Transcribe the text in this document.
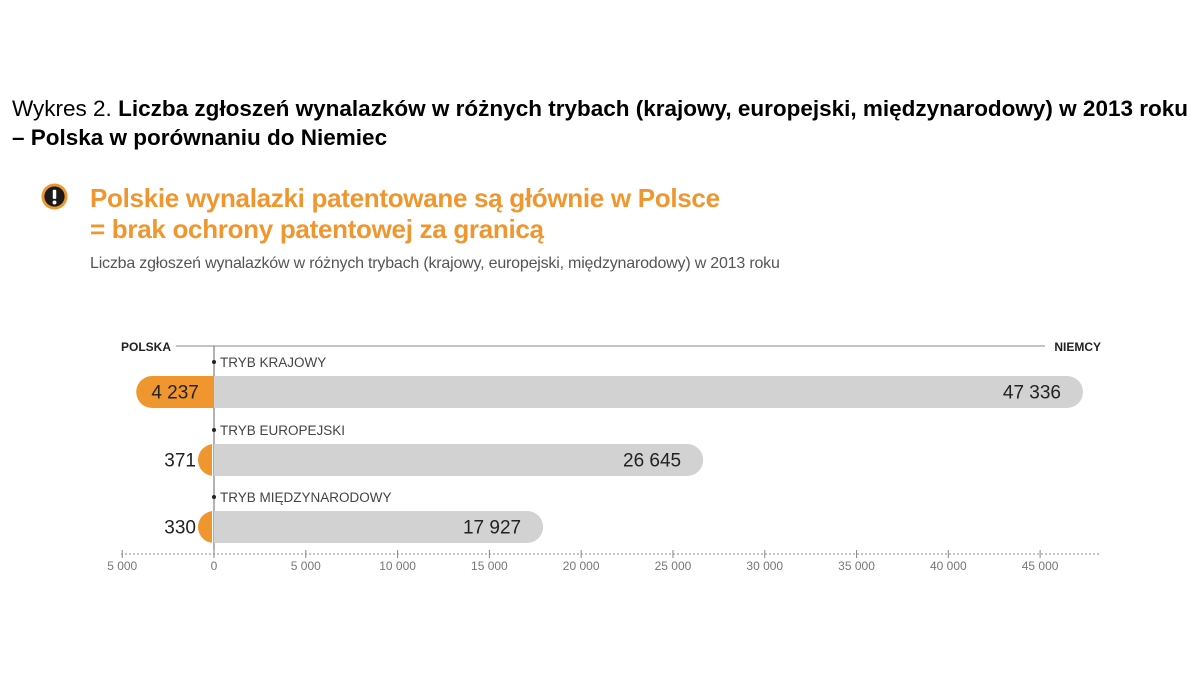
Wykres 2. Liczba zgłoszeń wynalazków w różnych trybach (krajowy, europejski, międzynarodowy) w 2013 roku – Polska w porównaniu do Niemiec

Polskie wynalazki patentowane są głównie w Polsce
= brak ochrony patentowej za granicą
Liczba zgłoszeń wynalazków w różnych trybach (krajowy, europejski, międzynarodowy) w 2013 roku
POLSKA	NIEMCY
TRYB KRAJOWY
47 336
4 237
TRYB EUROPEJSKI
26 645
371
TRYB MIĘDZYNARODOWY
17 927
330
5 000	0	5 000	10 000	15 000	20 000	25 000	30 000	35 000	40 000	45 000
